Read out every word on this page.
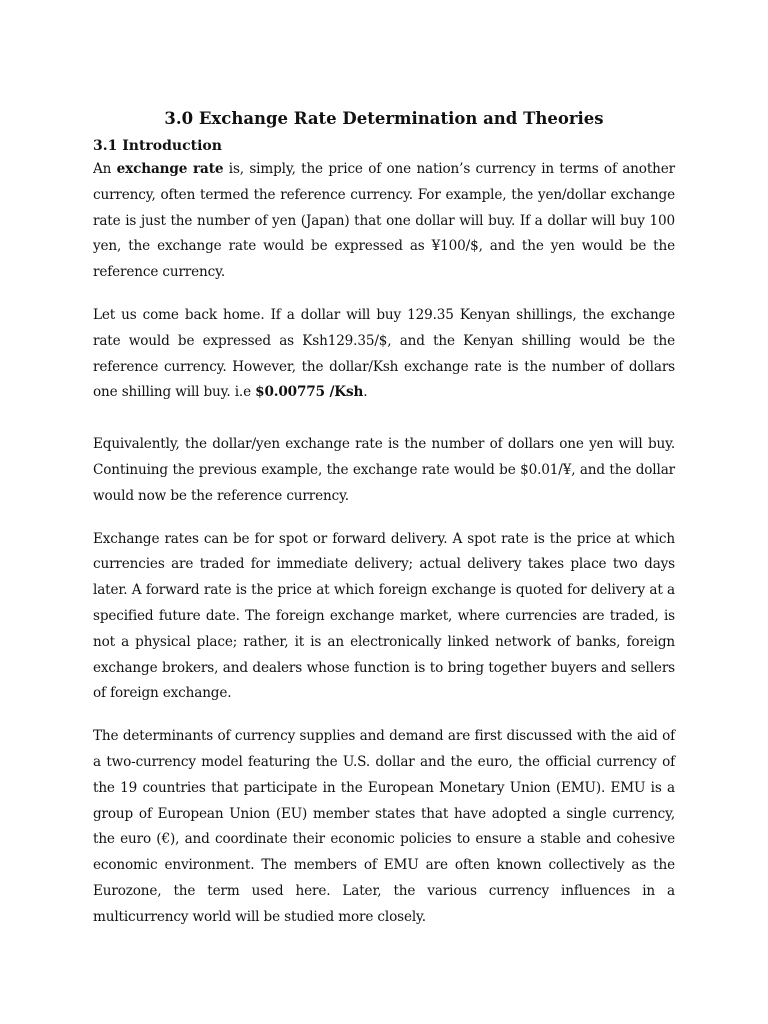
3.0 Exchange Rate Determination and Theories
3.1 Introduction

An exchange rate is, simply, the price of one nation’s currency in terms of another currency, often termed the reference currency. For example, the yen/dollar exchange rate is just the number of yen (Japan) that one dollar will buy. If a dollar will buy 100 yen, the exchange rate would be expressed as ¥100/$, and the yen would be the reference currency.

Let us come back home. If a dollar will buy 129.35 Kenyan shillings, the exchange rate would be expressed as Ksh129.35/$, and the Kenyan shilling would be the reference currency. However, the dollar/Ksh exchange rate is the number of dollars one shilling will buy. i.e $0.00775 /Ksh.

Equivalently, the dollar/yen exchange rate is the number of dollars one yen will buy. Continuing the previous example, the exchange rate would be $0.01/¥, and the dollar would now be the reference currency.

Exchange rates can be for spot or forward delivery. A spot rate is the price at which currencies are traded for immediate delivery; actual delivery takes place two days later. A forward rate is the price at which foreign exchange is quoted for delivery at a specified future date. The foreign exchange market, where currencies are traded, is not a physical place; rather, it is an electronically linked network of banks, foreign exchange brokers, and dealers whose function is to bring together buyers and sellers of foreign exchange.

The determinants of currency supplies and demand are first discussed with the aid of a two-currency model featuring the U.S. dollar and the euro, the official currency of the 19 countries that participate in the European Monetary Union (EMU). EMU is a group of European Union (EU) member states that have adopted a single currency, the euro (€), and coordinate their economic policies to ensure a stable and cohesive economic environment. The members of EMU are often known collectively as the Eurozone, the term used here. Later, the various currency influences in a multicurrency world will be studied more closely.
